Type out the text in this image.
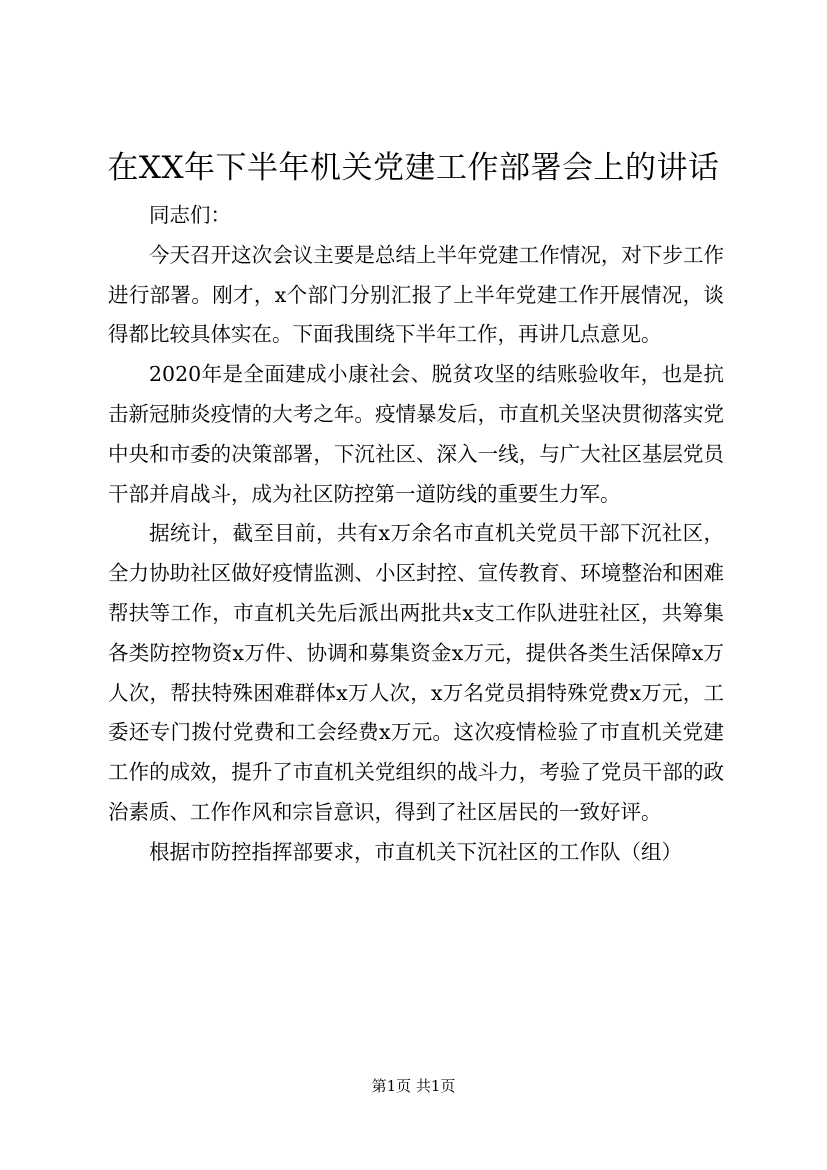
在XX年下半年机关党建工作部署会上的讲话

同志们：

今天召开这次会议主要是总结上半年党建工作情况，对下步工作进行部署。刚才，x个部门分别汇报了上半年党建工作开展情况，谈得都比较具体实在。下面我围绕下半年工作，再讲几点意见。

2020年是全面建成小康社会、脱贫攻坚的结账验收年，也是抗击新冠肺炎疫情的大考之年。疫情暴发后，市直机关坚决贯彻落实党中央和市委的决策部署，下沉社区、深入一线，与广大社区基层党员干部并肩战斗，成为社区防控第一道防线的重要生力军。

据统计，截至目前，共有x万余名市直机关党员干部下沉社区，全力协助社区做好疫情监测、小区封控、宣传教育、环境整治和困难帮扶等工作，市直机关先后派出两批共x支工作队进驻社区，共筹集各类防控物资x万件、协调和募集资金x万元，提供各类生活保障x万人次，帮扶特殊困难群体x万人次，x万名党员捐特殊党费x万元，工委还专门拨付党费和工会经费x万元。这次疫情检验了市直机关党建工作的成效，提升了市直机关党组织的战斗力，考验了党员干部的政治素质、工作作风和宗旨意识，得到了社区居民的一致好评。

根据市防控指挥部要求，市直机关下沉社区的工作队（组）

第1页 共1页
